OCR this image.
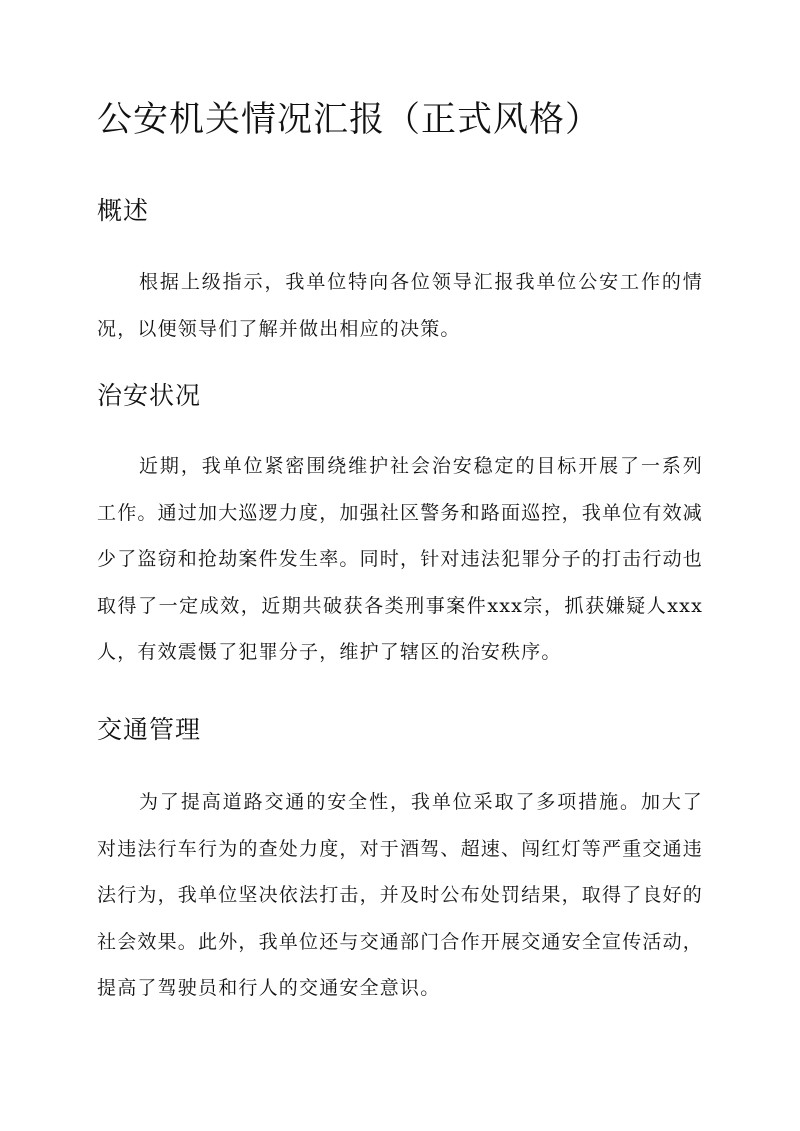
公安机关情况汇报（正式风格）
概述

根据上级指示，我单位特向各位领导汇报我单位公安工作的情况，以便领导们了解并做出相应的决策。

治安状况

近期，我单位紧密围绕维护社会治安稳定的目标开展了一系列工作。通过加大巡逻力度，加强社区警务和路面巡控，我单位有效减少了盗窃和抢劫案件发生率。同时，针对违法犯罪分子的打击行动也取得了一定成效，近期共破获各类刑事案件xxx宗，抓获嫌疑人xxx人，有效震慑了犯罪分子，维护了辖区的治安秩序。

交通管理

为了提高道路交通的安全性，我单位采取了多项措施。加大了对违法行车行为的查处力度，对于酒驾、超速、闯红灯等严重交通违法行为，我单位坚决依法打击，并及时公布处罚结果，取得了良好的社会效果。此外，我单位还与交通部门合作开展交通安全宣传活动，提高了驾驶员和行人的交通安全意识。
